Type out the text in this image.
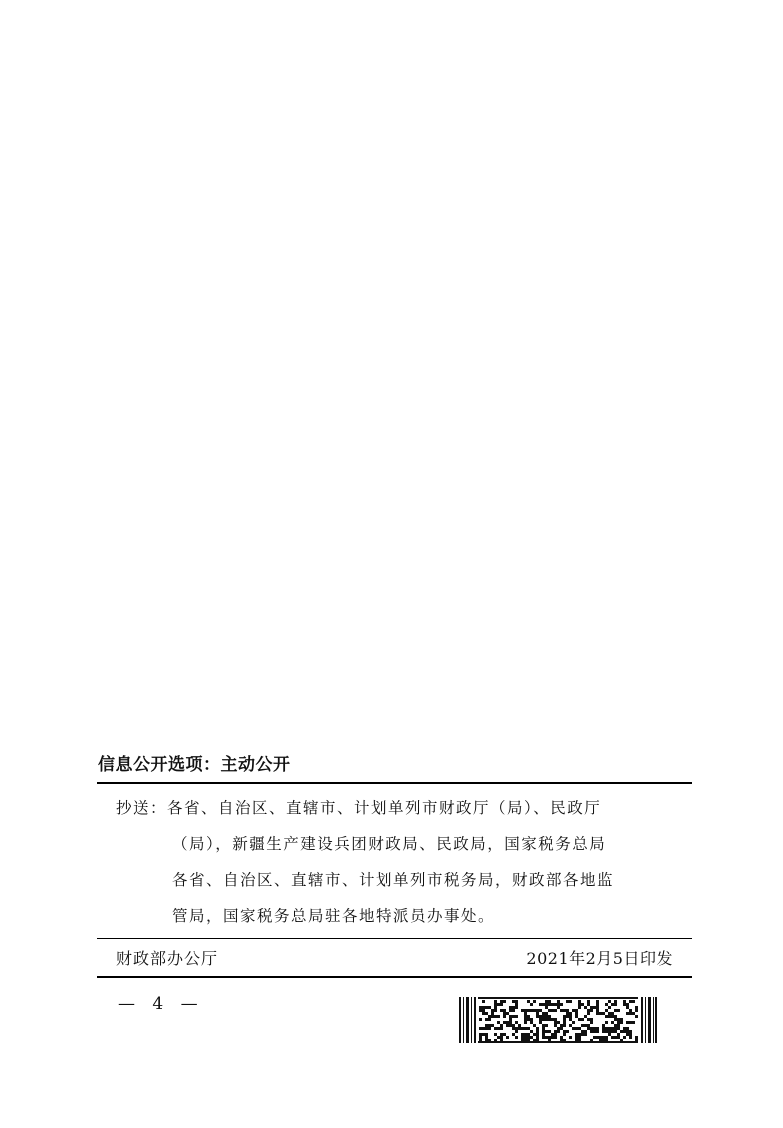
信息公开选项：主动公开
抄送：各省、自治区、直辖市、计划单列市财政厅（局）、民政厅
（局），新疆生产建设兵团财政局、民政局，国家税务总局
各省、自治区、直辖市、计划单列市税务局，财政部各地监
管局，国家税务总局驻各地特派员办事处。
财政部办公厅	2021年2月5日印发
— 4 —
